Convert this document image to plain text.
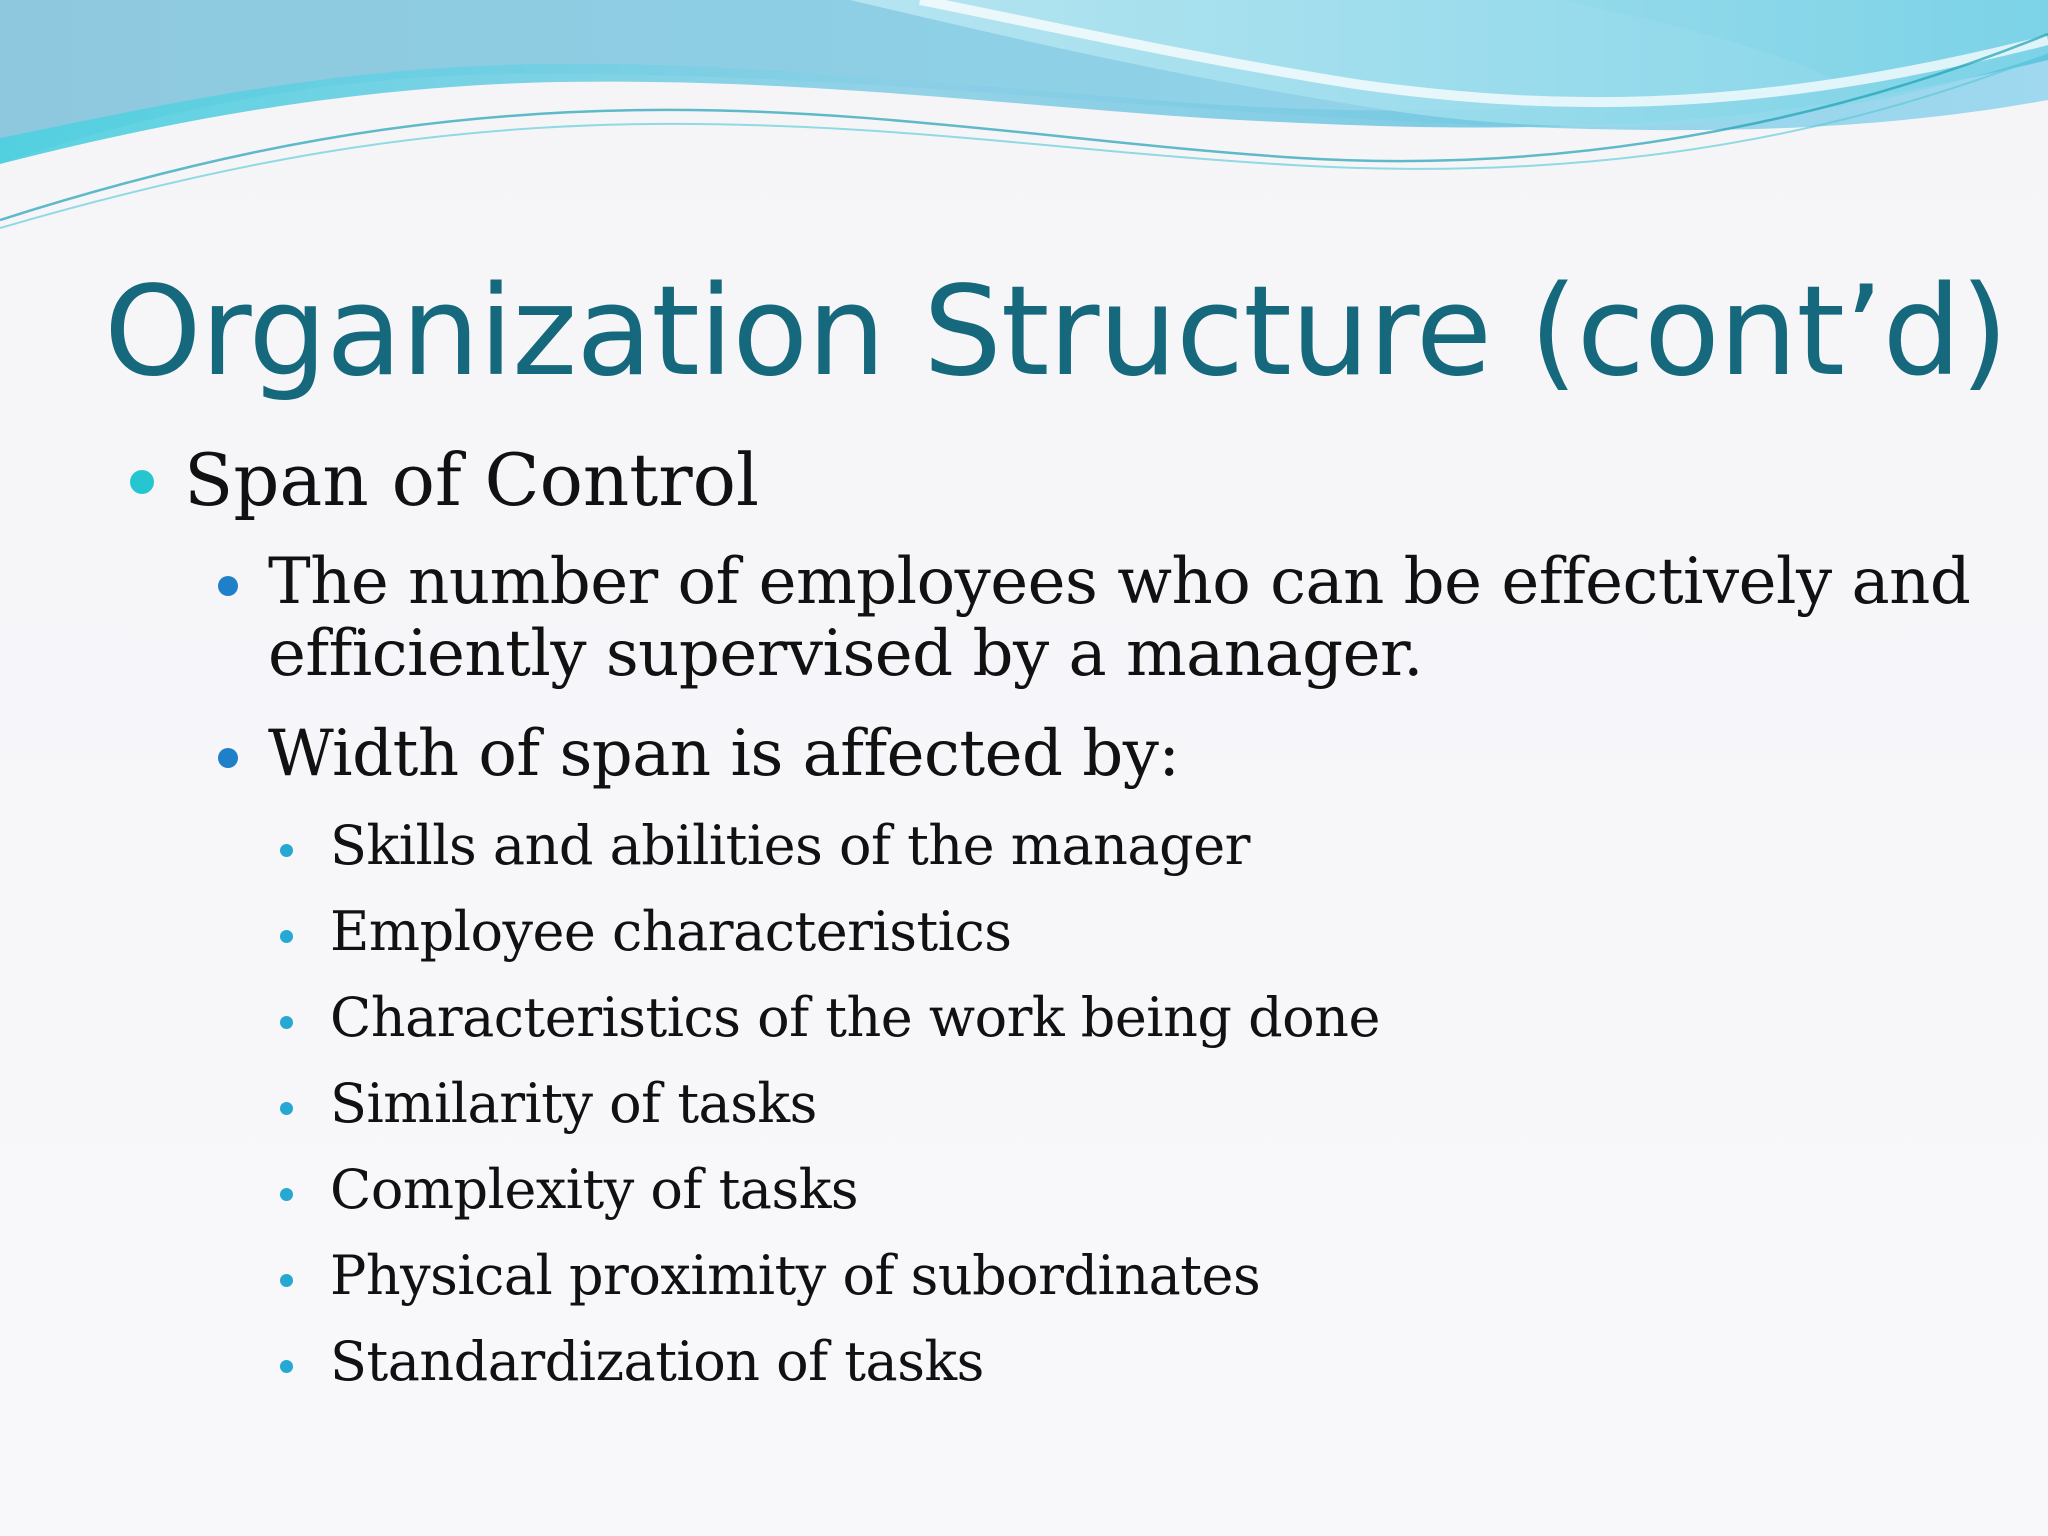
Organization Structure (cont’d)
Span of Control
The number of employees who can be effectively and
efficiently supervised by a manager.
Width of span is affected by:
Skills and abilities of the manager
Employee characteristics
Characteristics of the work being done
Similarity of tasks
Complexity of tasks
Physical proximity of subordinates
Standardization of tasks
